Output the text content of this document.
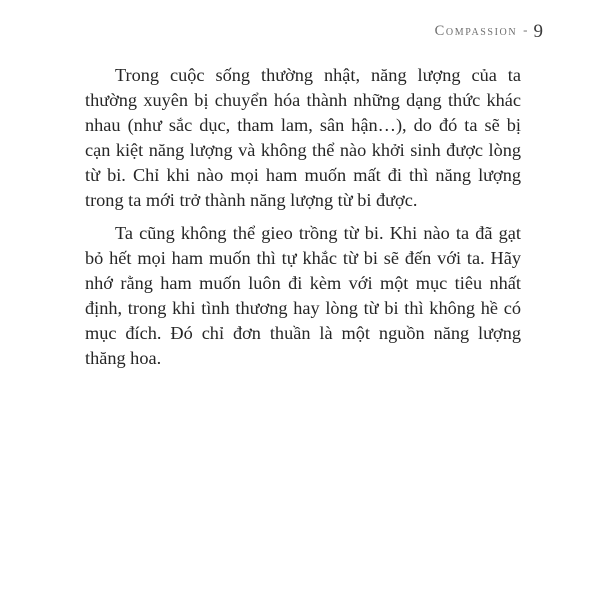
Compassion - 9

Trong cuộc sống thường nhật, năng lượng của ta thường xuyên bị chuyển hóa thành những dạng thức khác nhau (như sắc dục, tham lam, sân hận…), do đó ta sẽ bị cạn kiệt năng lượng và không thể nào khởi sinh được lòng từ bi. Chỉ khi nào mọi ham muốn mất đi thì năng lượng trong ta mới trở thành năng lượng từ bi được.

Ta cũng không thể gieo trồng từ bi. Khi nào ta đã gạt bỏ hết mọi ham muốn thì tự khắc từ bi sẽ đến với ta. Hãy nhớ rằng ham muốn luôn đi kèm với một mục tiêu nhất định, trong khi tình thương hay lòng từ bi thì không hề có mục đích. Đó chỉ đơn thuần là một nguồn năng lượng thăng hoa.
